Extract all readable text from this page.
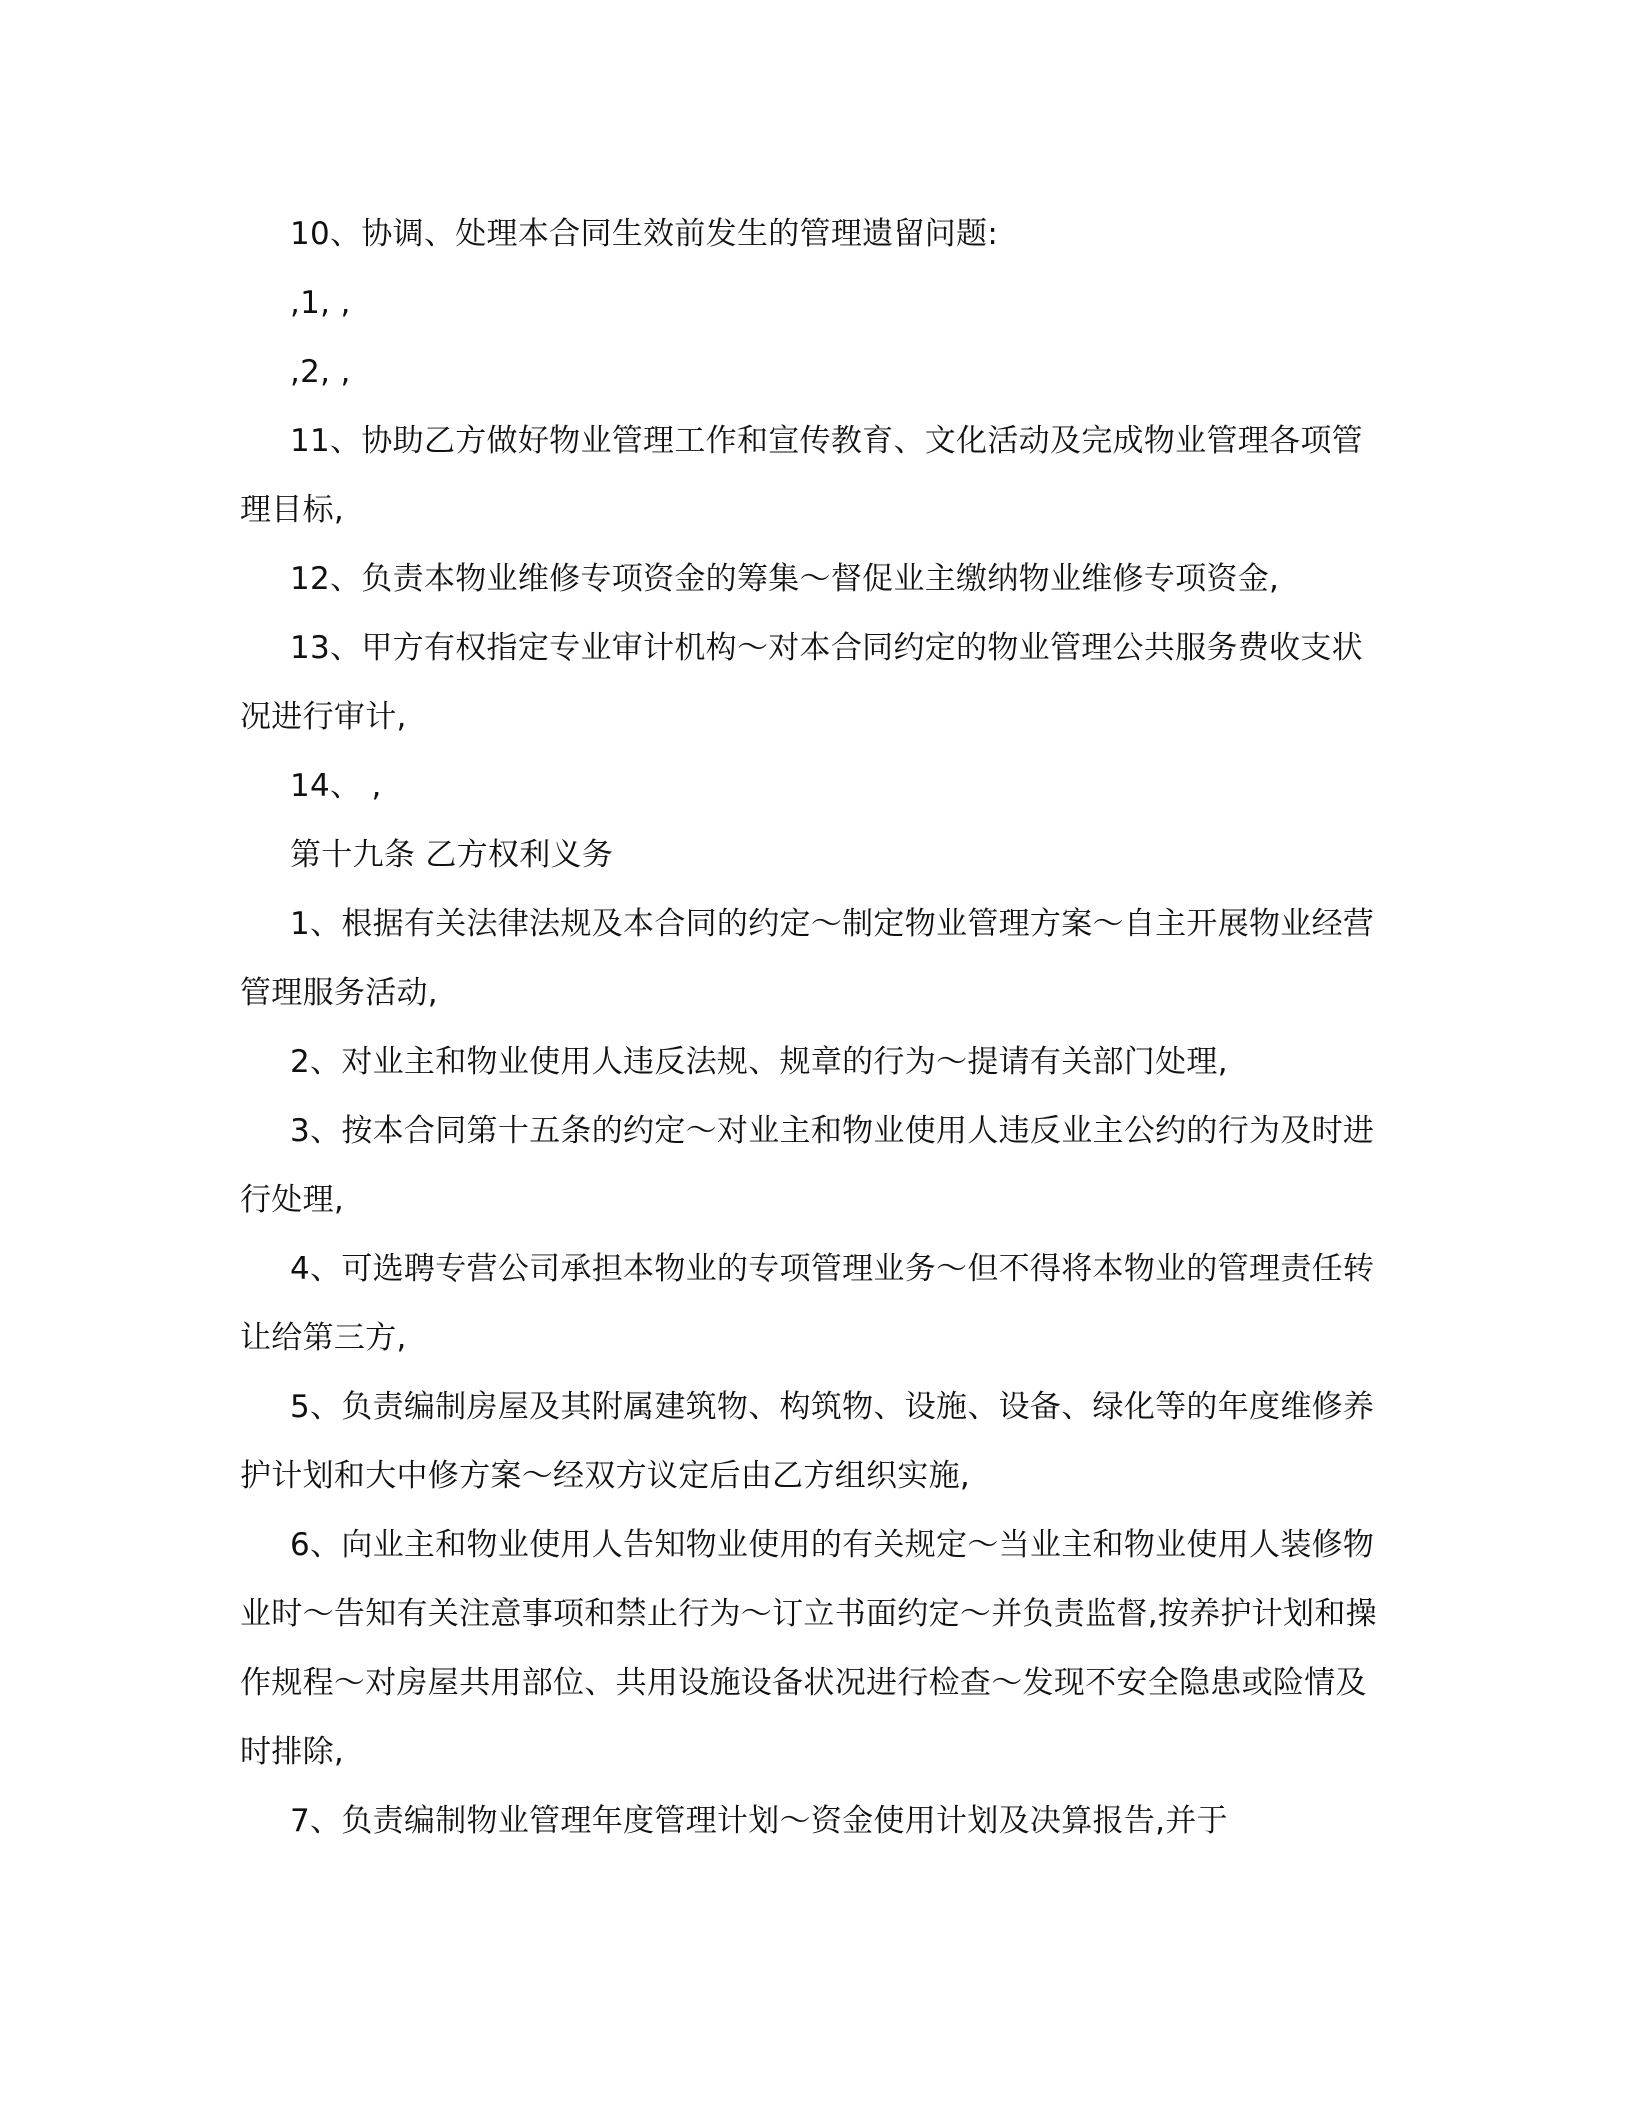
10、协调、处理本合同生效前发生的管理遗留问题:

,1, ,

,2, ,

11、协助乙方做好物业管理工作和宣传教育、文化活动及完成物业管理各项管理目标,

12、负责本物业维修专项资金的筹集～督促业主缴纳物业维修专项资金,

13、甲方有权指定专业审计机构～对本合同约定的物业管理公共服务费收支状况进行审计,

14、 ,

第十九条 乙方权利义务

1、根据有关法律法规及本合同的约定～制定物业管理方案～自主开展物业经营管理服务活动,

2、对业主和物业使用人违反法规、规章的行为～提请有关部门处理,

3、按本合同第十五条的约定～对业主和物业使用人违反业主公约的行为及时进行处理,

4、可选聘专营公司承担本物业的专项管理业务～但不得将本物业的管理责任转让给第三方,

5、负责编制房屋及其附属建筑物、构筑物、设施、设备、绿化等的年度维修养护计划和大中修方案～经双方议定后由乙方组织实施,

6、向业主和物业使用人告知物业使用的有关规定～当业主和物业使用人装修物业时～告知有关注意事项和禁止行为～订立书面约定～并负责监督,按养护计划和操作规程～对房屋共用部位、共用设施设备状况进行检查～发现不安全隐患或险情及时排除,

7、负责编制物业管理年度管理计划～资金使用计划及决算报告,并于
